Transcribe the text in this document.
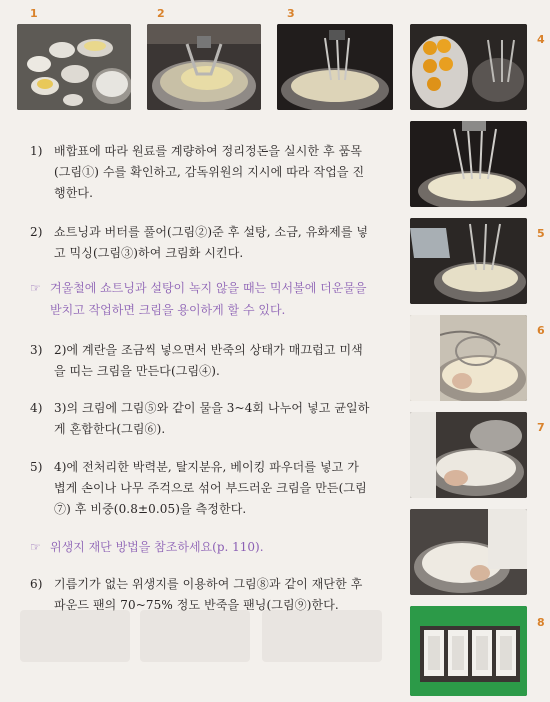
1	2	3
4
5
6
7
8
1) 배합표에 따라 원료를 계량하여 정리정돈을 실시한 후 품목(그림①) 수를 확인하고, 감독위원의 지시에 따라 작업을 진행한다.
2) 쇼트닝과 버터를 풀어(그림②)준 후 설탕, 소금, 유화제를 넣고 믹싱(그림③)하여 크림화 시킨다.
☞ 겨울철에 쇼트닝과 설탕이 녹지 않을 때는 믹서볼에 더운물을 받치고 작업하면 크림을 용이하게 할 수 있다.
3) 2)에 계란을 조금씩 넣으면서 반죽의 상태가 매끄럽고 미색을 띠는 크림을 만든다(그림④).
4) 3)의 크림에 그림⑤와 같이 물을 3~4회 나누어 넣고 균일하게 혼합한다(그림⑥).
5) 4)에 전처리한 박력분, 탈지분유, 베이킹 파우더를 넣고 가볍게 손이나 나무 주걱으로 섞어 부드러운 크림을 만든(그림⑦) 후 비중(0.8±0.05)을 측정한다.
☞ 위생지 재단 방법을 참조하세요(p. 110).
6) 기름기가 없는 위생지를 이용하여 그림⑧과 같이 재단한 후 파운드 팬의 70~75% 정도 반죽을 팬닝(그림⑨)한다.
